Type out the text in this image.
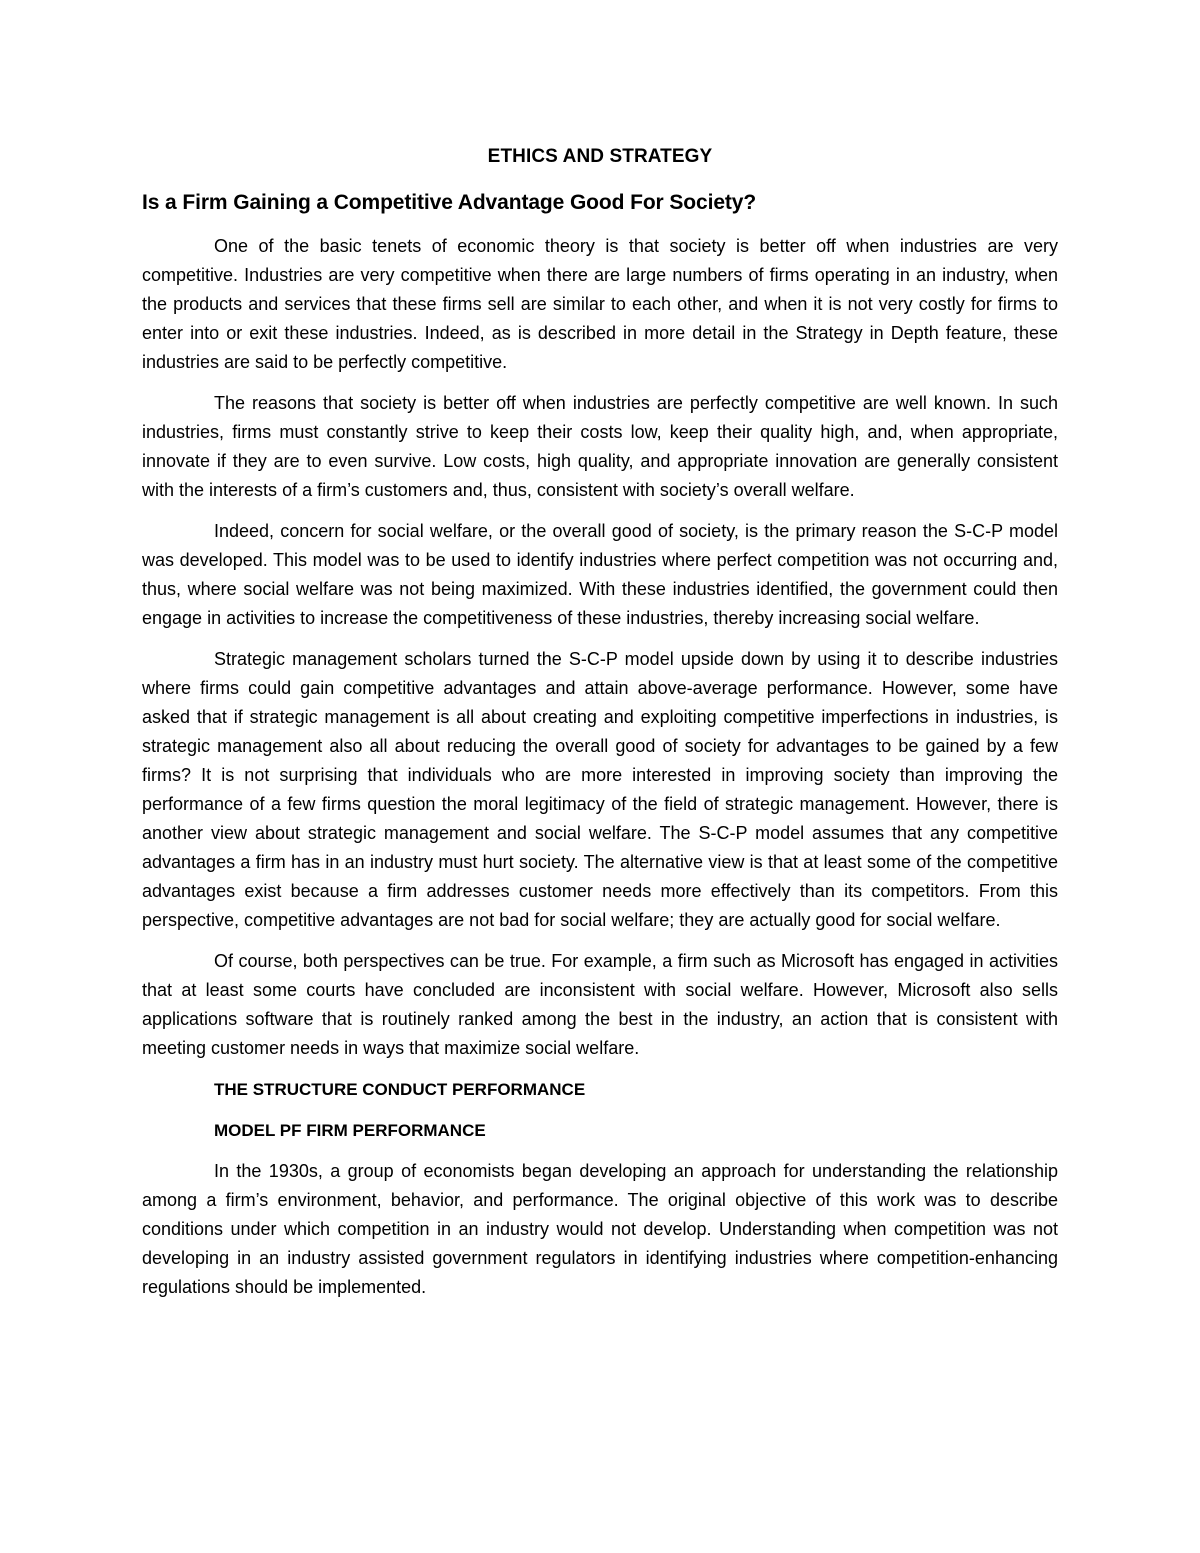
ETHICS AND STRATEGY
Is a Firm Gaining a Competitive Advantage Good For Society?

One of the basic tenets of economic theory is that society is better off when industries are very competitive. Industries are very competitive when there are large numbers of firms operating in an industry, when the products and services that these firms sell are similar to each other, and when it is not very costly for firms to enter into or exit these industries. Indeed, as is described in more detail in the Strategy in Depth feature, these industries are said to be perfectly competitive.

The reasons that society is better off when industries are perfectly competitive are well known. In such industries, firms must constantly strive to keep their costs low, keep their quality high, and, when appropriate, innovate if they are to even survive. Low costs, high quality, and appropriate innovation are generally consistent with the interests of a firm’s customers and, thus, consistent with society’s overall welfare.

Indeed, concern for social welfare, or the overall good of society, is the primary reason the S-C-P model was developed. This model was to be used to identify industries where perfect competition was not occurring and, thus, where social welfare was not being maximized. With these industries identified, the government could then engage in activities to increase the competitiveness of these industries, thereby increasing social welfare.

Strategic management scholars turned the S-C-P model upside down by using it to describe industries where firms could gain competitive advantages and attain above-average performance. However, some have asked that if strategic management is all about creating and exploiting competitive imperfections in industries, is strategic management also all about reducing the overall good of society for advantages to be gained by a few firms? It is not surprising that individuals who are more interested in improving society than improving the performance of a few firms question the moral legitimacy of the field of strategic management. However, there is another view about strategic management and social welfare. The S-C-P model assumes that any competitive advantages a firm has in an industry must hurt society. The alternative view is that at least some of the competitive advantages exist because a firm addresses customer needs more effectively than its competitors. From this perspective, competitive advantages are not bad for social welfare; they are actually good for social welfare.

Of course, both perspectives can be true. For example, a firm such as Microsoft has engaged in activities that at least some courts have concluded are inconsistent with social welfare. However, Microsoft also sells applications software that is routinely ranked among the best in the industry, an action that is consistent with meeting customer needs in ways that maximize social welfare.

THE STRUCTURE CONDUCT PERFORMANCE
MODEL PF FIRM PERFORMANCE

In the 1930s, a group of economists began developing an approach for understanding the relationship among a firm’s environment, behavior, and performance. The original objective of this work was to describe conditions under which competition in an industry would not develop. Understanding when competition was not developing in an industry assisted government regulators in identifying industries where competition-enhancing regulations should be implemented.
